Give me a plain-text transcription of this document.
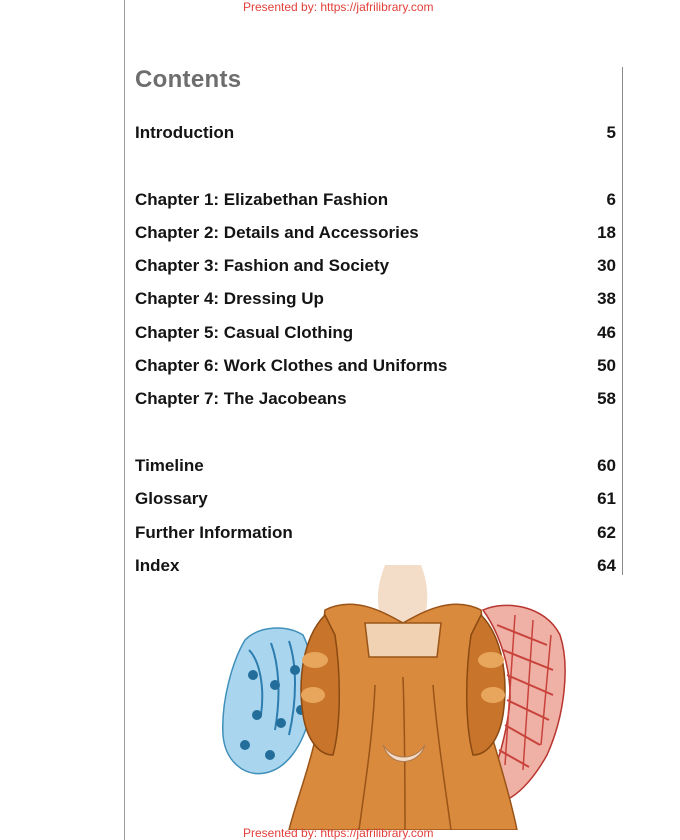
Presented by: https://jafrilibrary.com
Contents
Introduction	5
Chapter 1: Elizabethan Fashion	6
Chapter 2: Details and Accessories	18
Chapter 3: Fashion and Society	30
Chapter 4: Dressing Up	38
Chapter 5: Casual Clothing	46
Chapter 6: Work Clothes and Uniforms	50
Chapter 7: The Jacobeans	58
Timeline	60
Glossary	61
Further Information	62
Index	64
Presented by: https://jafrilibrary.com
